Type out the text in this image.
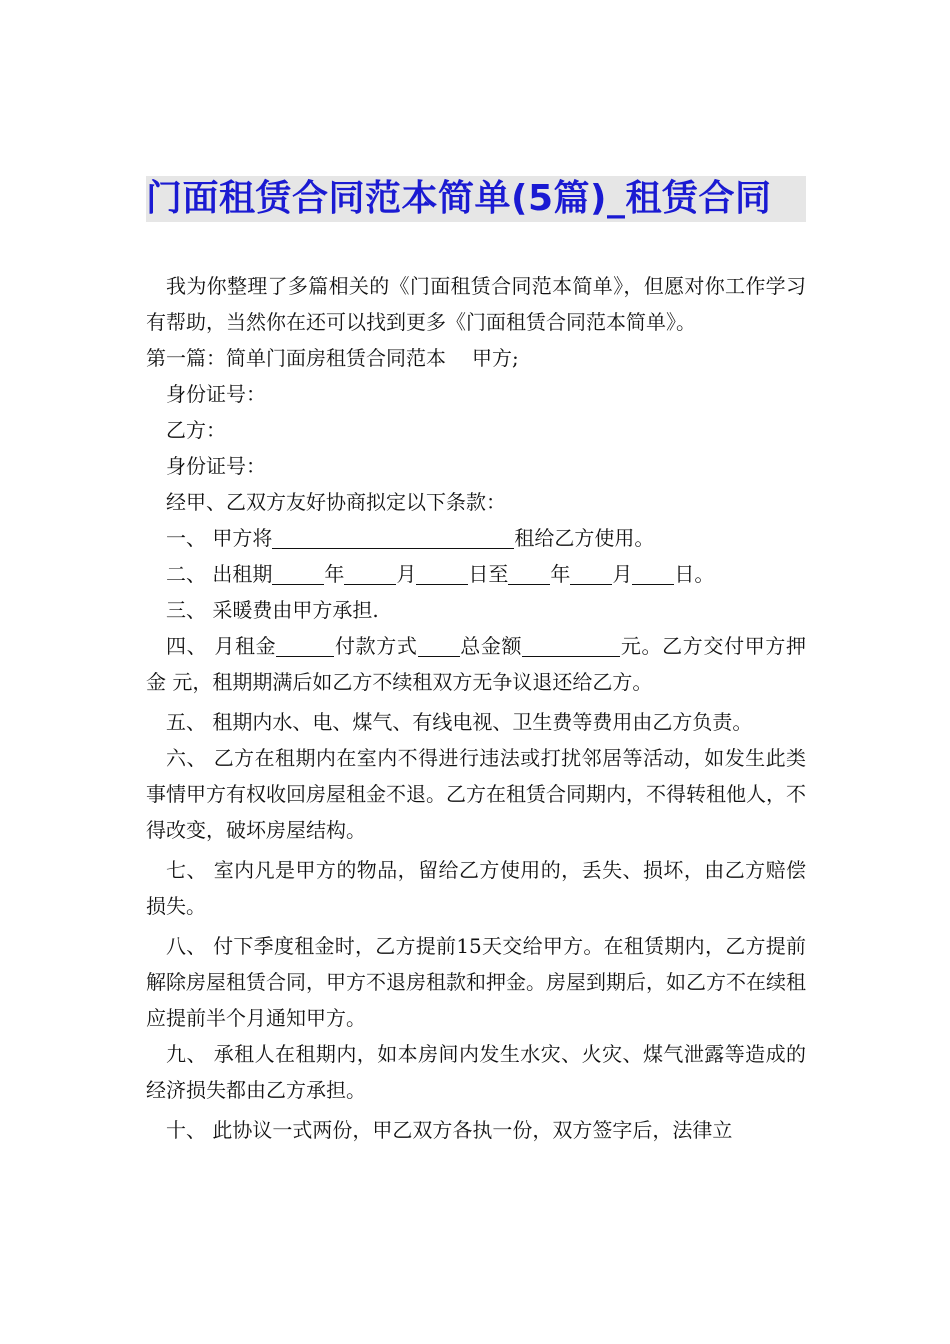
门面租赁合同范本简单(5篇)_租赁合同

我为你整理了多篇相关的《门面租赁合同范本简单》，但愿对你工作学习有帮助，当然你在还可以找到更多《门面租赁合同范本简单》。

第一篇：简单门面房租赁合同范本 甲方;

身份证号：

乙方：

身份证号：

经甲、乙双方友好协商拟定以下条款：

一、 甲方将	租给乙方使用。

二、 出租期	年	月	日至 年 月 日。

三、 采暖费由甲方承担.

四、 月租金	付款方式 总金额	元。乙方交付甲方押金 元，租期期满后如乙方不续租双方无争议退还给乙方。

五、 租期内水、电、煤气、有线电视、卫生费等费用由乙方负责。

六、 乙方在租期内在室内不得进行违法或打扰邻居等活动，如发生此类事情甲方有权收回房屋租金不退。乙方在租赁合同期内，不得转租他人，不得改变，破坏房屋结构。

七、 室内凡是甲方的物品，留给乙方使用的，丢失、损坏，由乙方赔偿损失。

八、 付下季度租金时，乙方提前15天交给甲方。在租赁期内，乙方提前解除房屋租赁合同，甲方不退房租款和押金。房屋到期后，如乙方不在续租应提前半个月通知甲方。

九、 承租人在租期内，如本房间内发生水灾、火灾、煤气泄露等造成的经济损失都由乙方承担。

十、 此协议一式两份，甲乙双方各执一份，双方签字后，法律立
